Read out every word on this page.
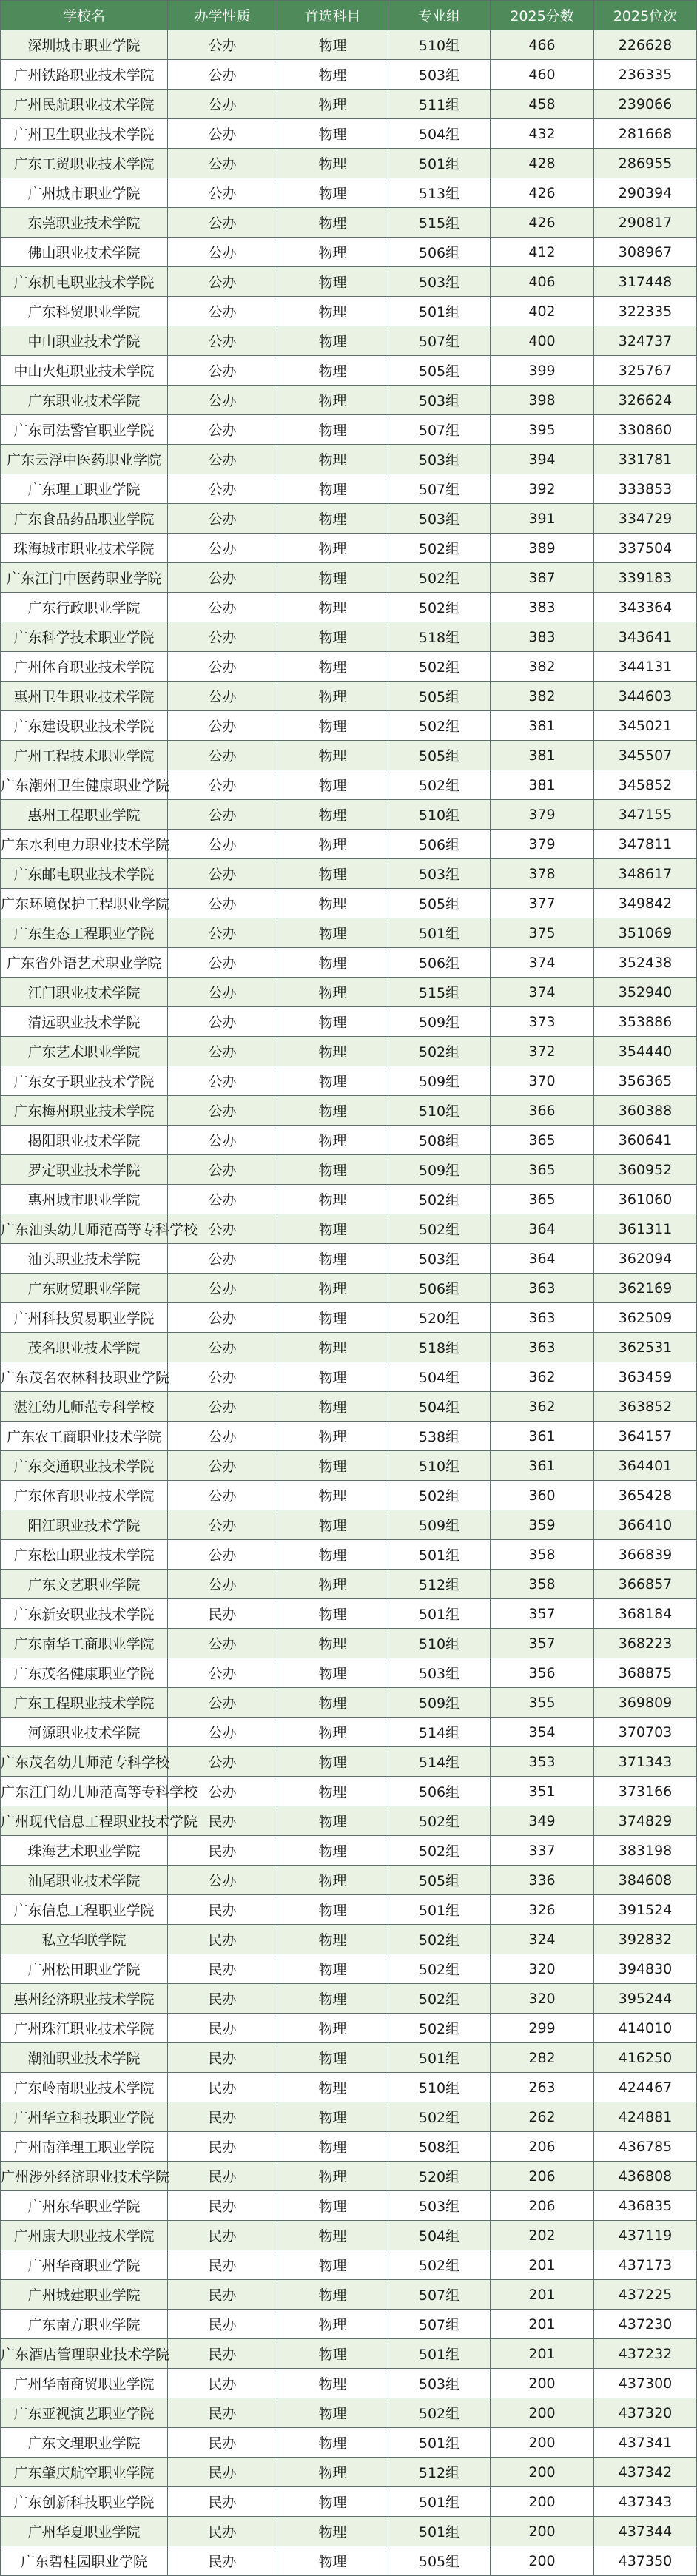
学校名	办学性质	首选科目	专业组	2025分数	2025位次
深圳城市职业学院	公办	物理	510组	466	226628
广州铁路职业技术学院	公办	物理	503组	460	236335
广州民航职业技术学院	公办	物理	511组	458	239066
广州卫生职业技术学院	公办	物理	504组	432	281668
广东工贸职业技术学院	公办	物理	501组	428	286955
广州城市职业学院	公办	物理	513组	426	290394
东莞职业技术学院	公办	物理	515组	426	290817
佛山职业技术学院	公办	物理	506组	412	308967
广东机电职业技术学院	公办	物理	503组	406	317448
广东科贸职业学院	公办	物理	501组	402	322335
中山职业技术学院	公办	物理	507组	400	324737
中山火炬职业技术学院	公办	物理	505组	399	325767
广东职业技术学院	公办	物理	503组	398	326624
广东司法警官职业学院	公办	物理	507组	395	330860
广东云浮中医药职业学院	公办	物理	503组	394	331781
广东理工职业学院	公办	物理	507组	392	333853
广东食品药品职业学院	公办	物理	503组	391	334729
珠海城市职业技术学院	公办	物理	502组	389	337504
广东江门中医药职业学院	公办	物理	502组	387	339183
广东行政职业学院	公办	物理	502组	383	343364
广东科学技术职业学院	公办	物理	518组	383	343641
广州体育职业技术学院	公办	物理	502组	382	344131
惠州卫生职业技术学院	公办	物理	505组	382	344603
广东建设职业技术学院	公办	物理	502组	381	345021
广州工程技术职业学院	公办	物理	505组	381	345507
广东潮州卫生健康职业学院	公办	物理	502组	381	345852
惠州工程职业学院	公办	物理	510组	379	347155
广东水利电力职业技术学院	公办	物理	506组	379	347811
广东邮电职业技术学院	公办	物理	503组	378	348617
广东环境保护工程职业学院	公办	物理	505组	377	349842
广东生态工程职业学院	公办	物理	501组	375	351069
广东省外语艺术职业学院	公办	物理	506组	374	352438
江门职业技术学院	公办	物理	515组	374	352940
清远职业技术学院	公办	物理	509组	373	353886
广东艺术职业学院	公办	物理	502组	372	354440
广东女子职业技术学院	公办	物理	509组	370	356365
广东梅州职业技术学院	公办	物理	510组	366	360388
揭阳职业技术学院	公办	物理	508组	365	360641
罗定职业技术学院	公办	物理	509组	365	360952
惠州城市职业学院	公办	物理	502组	365	361060
广东汕头幼儿师范高等专科学校	公办	物理	502组	364	361311
汕头职业技术学院	公办	物理	503组	364	362094
广东财贸职业学院	公办	物理	506组	363	362169
广州科技贸易职业学院	公办	物理	520组	363	362509
茂名职业技术学院	公办	物理	518组	363	362531
广东茂名农林科技职业学院	公办	物理	504组	362	363459
湛江幼儿师范专科学校	公办	物理	504组	362	363852
广东农工商职业技术学院	公办	物理	538组	361	364157
广东交通职业技术学院	公办	物理	510组	361	364401
广东体育职业技术学院	公办	物理	502组	360	365428
阳江职业技术学院	公办	物理	509组	359	366410
广东松山职业技术学院	公办	物理	501组	358	366839
广东文艺职业学院	公办	物理	512组	358	366857
广东新安职业技术学院	民办	物理	501组	357	368184
广东南华工商职业学院	公办	物理	510组	357	368223
广东茂名健康职业学院	公办	物理	503组	356	368875
广东工程职业技术学院	公办	物理	509组	355	369809
河源职业技术学院	公办	物理	514组	354	370703
广东茂名幼儿师范专科学校	公办	物理	514组	353	371343
广东江门幼儿师范高等专科学校	公办	物理	506组	351	373166
广州现代信息工程职业技术学院	民办	物理	502组	349	374829
珠海艺术职业学院	民办	物理	502组	337	383198
汕尾职业技术学院	公办	物理	505组	336	384608
广东信息工程职业学院	民办	物理	501组	326	391524
私立华联学院	民办	物理	502组	324	392832
广州松田职业学院	民办	物理	502组	320	394830
惠州经济职业技术学院	民办	物理	502组	320	395244
广州珠江职业技术学院	民办	物理	502组	299	414010
潮汕职业技术学院	民办	物理	501组	282	416250
广东岭南职业技术学院	民办	物理	510组	263	424467
广州华立科技职业学院	民办	物理	502组	262	424881
广州南洋理工职业学院	民办	物理	508组	206	436785
广州涉外经济职业技术学院	民办	物理	520组	206	436808
广州东华职业学院	民办	物理	503组	206	436835
广州康大职业技术学院	民办	物理	504组	202	437119
广州华商职业学院	民办	物理	502组	201	437173
广州城建职业学院	民办	物理	507组	201	437225
广东南方职业学院	民办	物理	507组	201	437230
广东酒店管理职业技术学院	民办	物理	501组	201	437232
广州华南商贸职业学院	民办	物理	503组	200	437300
广东亚视演艺职业学院	民办	物理	502组	200	437320
广东文理职业学院	民办	物理	501组	200	437341
广东肇庆航空职业学院	民办	物理	512组	200	437342
广东创新科技职业学院	民办	物理	501组	200	437343
广州华夏职业学院	民办	物理	501组	200	437344
广东碧桂园职业学院	民办	物理	505组	200	437350
